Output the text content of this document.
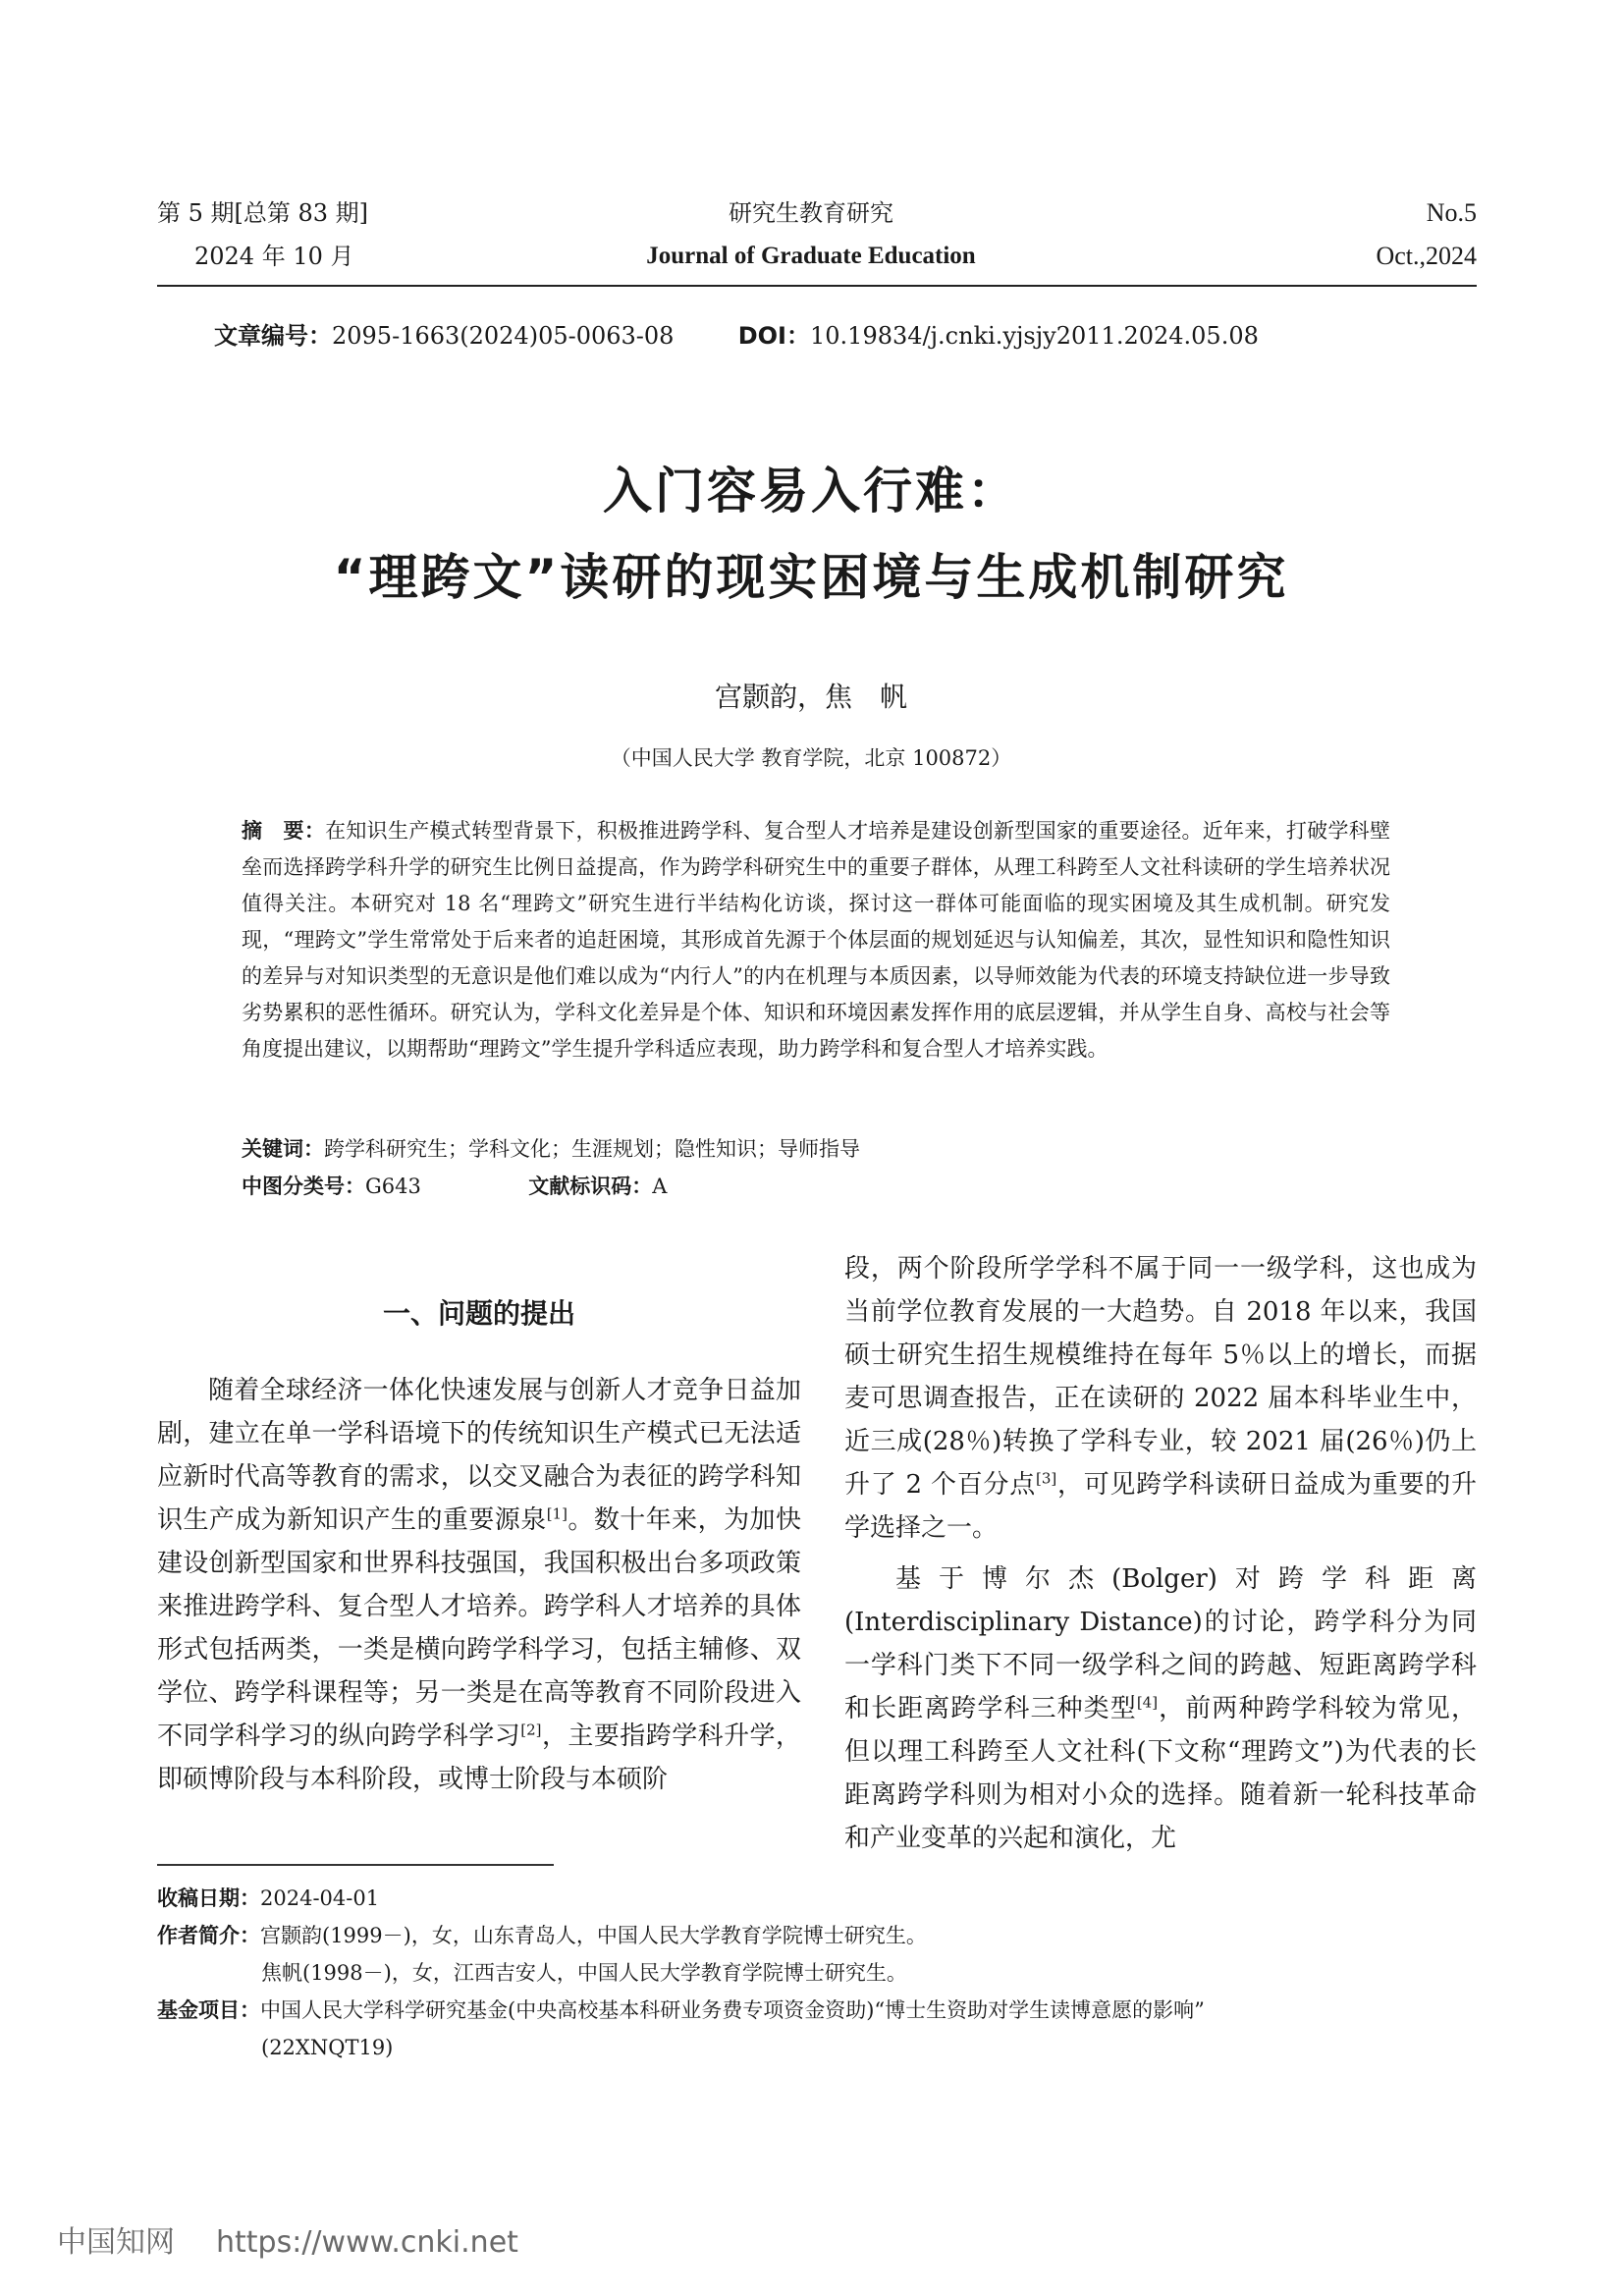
第 5 期[总第 83 期]
2024 年 10 月
研究生教育研究
Journal of Graduate Education
No.5
Oct.,2024
文章编号：2095-1663(2024)05-0063-08	DOI：10.19834/j.cnki.yjsjy2011.2024.05.08
入门容易入行难：
“理跨文”读研的现实困境与生成机制研究
宫颢韵，焦　帆
（中国人民大学 教育学院，北京 100872）
摘　要：在知识生产模式转型背景下，积极推进跨学科、复合型人才培养是建设创新型国家的重要途径。近年来，打破学科壁垒而选择跨学科升学的研究生比例日益提高，作为跨学科研究生中的重要子群体，从理工科跨至人文社科读研的学生培养状况值得关注。本研究对 18 名“理跨文”研究生进行半结构化访谈，探讨这一群体可能面临的现实困境及其生成机制。研究发现，“理跨文”学生常常处于后来者的追赶困境，其形成首先源于个体层面的规划延迟与认知偏差，其次，显性知识和隐性知识的差异与对知识类型的无意识是他们难以成为“内行人”的内在机理与本质因素，以导师效能为代表的环境支持缺位进一步导致劣势累积的恶性循环。研究认为，学科文化差异是个体、知识和环境因素发挥作用的底层逻辑，并从学生自身、高校与社会等角度提出建议，以期帮助“理跨文”学生提升学科适应表现，助力跨学科和复合型人才培养实践。
关键词：跨学科研究生；学科文化；生涯规划；隐性知识；导师指导
中图分类号：G643	文献标识码：A
一、问题的提出

随着全球经济一体化快速发展与创新人才竞争日益加剧，建立在单一学科语境下的传统知识生产模式已无法适应新时代高等教育的需求，以交叉融合为表征的跨学科知识生产成为新知识产生的重要源泉[1]。数十年来，为加快建设创新型国家和世界科技强国，我国积极出台多项政策来推进跨学科、复合型人才培养。跨学科人才培养的具体形式包括两类，一类是横向跨学科学习，包括主辅修、双学位、跨学科课程等；另一类是在高等教育不同阶段进入不同学科学习的纵向跨学科学习[2]，主要指跨学科升学，即硕博阶段与本科阶段，或博士阶段与本硕阶

段，两个阶段所学学科不属于同一一级学科，这也成为当前学位教育发展的一大趋势。自 2018 年以来，我国硕士研究生招生规模维持在每年 5％以上的增长，而据麦可思调查报告，正在读研的 2022 届本科毕业生中，近三成(28％)转换了学科专业，较 2021 届(26％)仍上升了 2 个百分点[3]，可见跨学科读研日益成为重要的升学选择之一。

基于博尔杰(Bolger)对跨学科距离(Interdisciplinary Distance)的讨论，跨学科分为同一学科门类下不同一级学科之间的跨越、短距离跨学科和长距离跨学科三种类型[4]，前两种跨学科较为常见，但以理工科跨至人文社科(下文称“理跨文”)为代表的长距离跨学科则为相对小众的选择。随着新一轮科技革命和产业变革的兴起和演化，尤

收稿日期：2024-04-01
作者简介：宫颢韵(1999－)，女，山东青岛人，中国人民大学教育学院博士研究生。
焦帆(1998－)，女，江西吉安人，中国人民大学教育学院博士研究生。
基金项目：中国人民大学科学研究基金(中央高校基本科研业务费专项资金资助)“博士生资助对学生读博意愿的影响”
(22XNQT19)
中国知网 https://www.cnki.net
